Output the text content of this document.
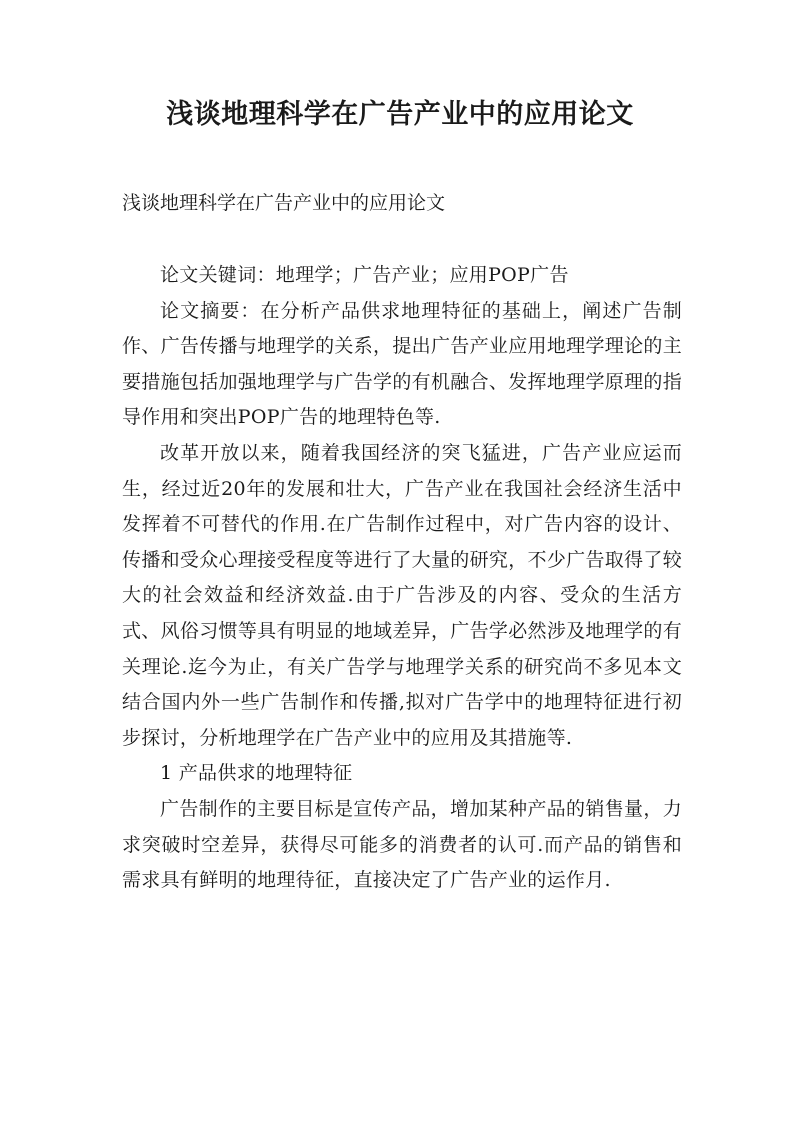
浅谈地理科学在广告产业中的应用论文

浅谈地理科学在广告产业中的应用论文

论文关键词：地理学；广告产业；应用POP广告

论文摘要：在分析产品供求地理特征的基础上，阐述广告制作、广告传播与地理学的关系，提出广告产业应用地理学理论的主要措施包括加强地理学与广告学的有机融合、发挥地理学原理的指导作用和突出POP广告的地理特色等.

改革开放以来，随着我国经济的突飞猛进，广告产业应运而生，经过近20年的发展和壮大，广告产业在我国社会经济生活中发挥着不可替代的作用.在广告制作过程中，对广告内容的设计、传播和受众心理接受程度等进行了大量的研究，不少广告取得了较大的社会效益和经济效益.由于广告涉及的内容、受众的生活方式、风俗习惯等具有明显的地域差异，广告学必然涉及地理学的有关理论.迄今为止，有关广告学与地理学关系的研究尚不多见本文结合国内外一些广告制作和传播,拟对广告学中的地理特征进行初步探讨，分析地理学在广告产业中的应用及其措施等.

1 产品供求的地理特征

广告制作的主要目标是宣传产品，增加某种产品的销售量，力求突破时空差异，获得尽可能多的消费者的认可.而产品的销售和需求具有鲜明的地理待征，直接决定了广告产业的运作月.
